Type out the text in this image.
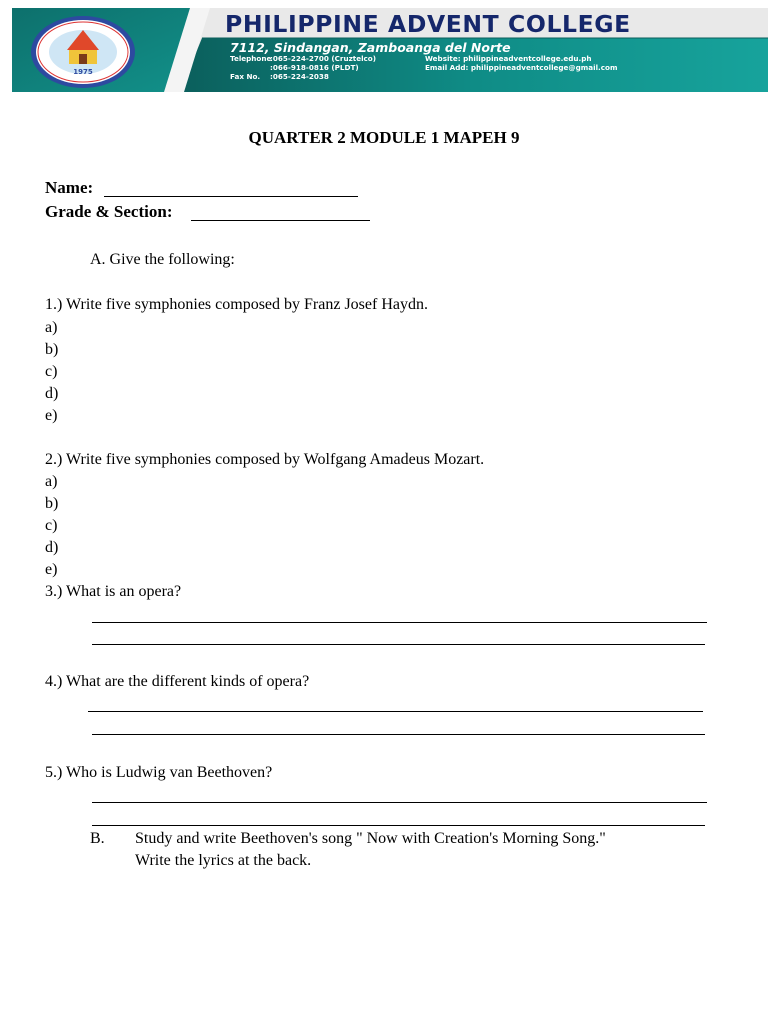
1975
PHILIPPINE ADVENT COLLEGE
7112, Sindangan, Zamboanga del Norte
Telephone
:065-224-2700 (Cruztelco)
:066-918-0816 (PLDT)
Fax No. :065-224-2038
Website: philippineadventcollege.edu.ph
Email Add: philippineadventcollege@gmail.com
QUARTER 2 MODULE 1 MAPEH 9
Name:
Grade & Section:
A. Give the following:
1.) Write five symphonies composed by Franz Josef Haydn.
a)
b)
c)
d)
e)
2.) Write five symphonies composed by Wolfgang Amadeus Mozart.
a)
b)
c)
d)
e)
3.) What is an opera?
4.) What are the different kinds of opera?
5.) Who is Ludwig van Beethoven?
B. Study and write Beethoven's song " Now with Creation's Morning Song."
Write the lyrics at the back.
